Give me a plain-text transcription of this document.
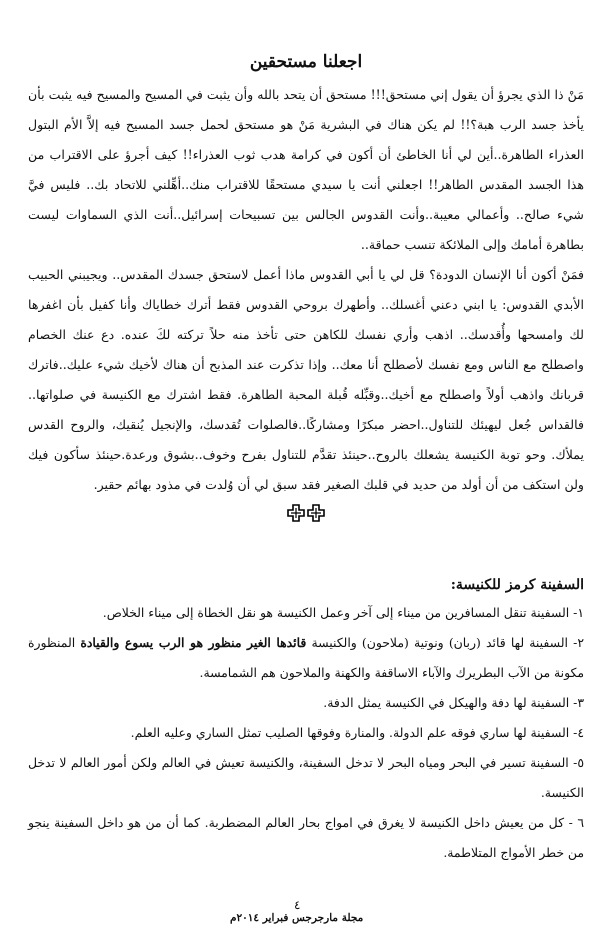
اجعلنا مستحقين

مَنْ ذا الذي يجرؤ أن يقول إني مستحق!!! مستحق أن يتحد بالله وأن يثبت في المسيح والمسيح فيه يثبت بأن يأخذ جسد الرب هبة؟!! لم يكن هناك في البشرية مَنْ هو مستحق لحمل جسد المسيح فيه إلاَّ الأم البتول العذراء الطاهرة..أين لي أنا الخاطئ أن أكون في كرامة هدب ثوب العذراء!! كيف أجرؤ على الاقتراب من هذا الجسد المقدس الطاهر!! اجعلني أنت يا سيدي مستحقًا للاقتراب منك..أهِّلني للاتحاد بك.. فليس فيَّ شيء صالح.. وأعمالي معيبة..وأنت القدوس الجالس بين تسبيحات إسرائيل..أنت الذي السماوات ليست بطاهرة أمامك وإلى الملائكة تنسب حماقة..

فمَنْ أكون أنا الإنسان الدودة؟ قل لي يا أبي القدوس ماذا أعمل لاستحق جسدك المقدس.. ويجيبني الحبيب الأبدي القدوس: يا ابني دعني أغسلك.. وأطهرك بروحي القدوس فقط أترك خطاياك وأنا كفيل بأن اغفرها لك وامسحها وأُقدسك.. اذهب وأري نفسك للكاهن حتى تأخذ منه حلاً تركته لكَ عنده. دع عنك الخصام واصطلح مع الناس ومع نفسك لأصطلح أنا معك.. وإذا تذكرت عند المذبح أن هناك لأخيك شيء عليك..فاترك قربانك واذهب أولاً واصطلح مع أخيك..وقبِّله قُبلة المحبة الطاهرة. فقط اشترك مع الكنيسة في صلواتها.. فالقداس جُعل ليهيئك للتناول..احضر مبكرًا ومشاركًا..فالصلوات تُقدسك، والإنجيل يُنقيك، والروح القدس يملأك. وحو توبة الكنيسة يشعلك بالروح..حينئذ تقدَّم للتناول بفرح وخوف..بشوق ورعدة.حينئذ سأكون فيك ولن استكف من أن أولد من حديد في قلبك الصغير فقد سبق لي أن وُلدت في مذود بهائم حقير.

السفينة كرمز للكنيسة:

١- السفينة تنقل المسافرين من ميناء إلى آخر وعمل الكنيسة هو نقل الخطاة إلى ميناء الخلاص.

٢- السفينة لها قائد (ربان) ونوتية (ملاحون) والكنيسة قائدها الغير منظور هو الرب يسوع والقيادة المنظورة مكونة من الآب البطريرك والآباء الاساقفة والكهنة والملاحون هم الشمامسة.

٣- السفينة لها دفة والهيكل في الكنيسة يمثل الدفة.

٤- السفينة لها ساري فوقه علم الدولة. والمنارة وفوقها الصليب تمثل الساري وعليه العلم.

٥- السفينة تسير في البحر ومياه البحر لا تدخل السفينة، والكنيسة تعيش في العالم ولكن أمور العالم لا تدخل الكنيسة.

٦ - كل من يعيش داخل الكنيسة لا يغرق في امواج بحار العالم المضطربة. كما أن من هو داخل السفينة ينجو من خطر الأمواج المتلاطمة.

٤
مجلة مارجرجس فبراير ٢٠١٤م
